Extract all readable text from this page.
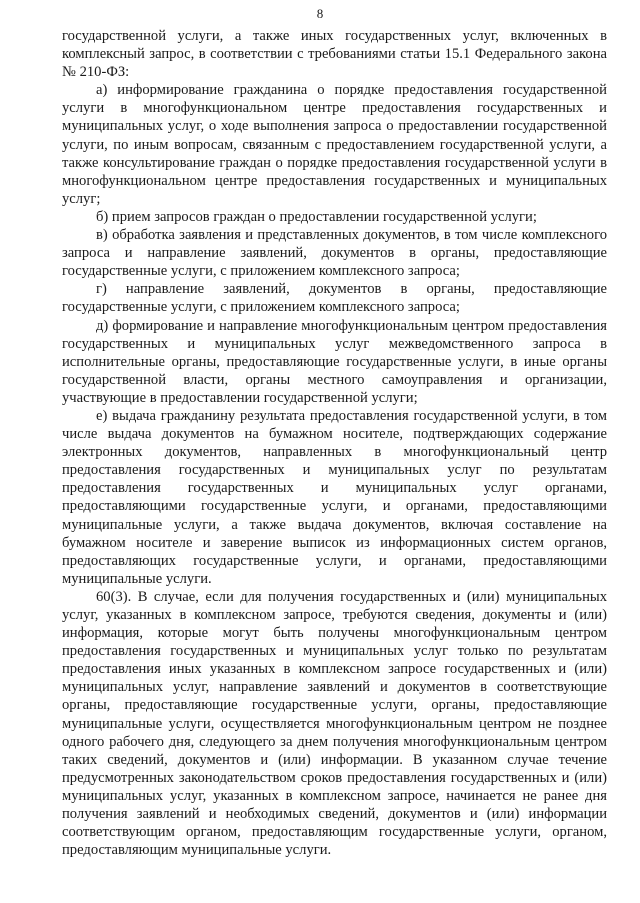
8

государственной услуги, а также иных государственных услуг, включенных в комплексный запрос, в соответствии с требованиями статьи 15.1 Федерального закона № 210-ФЗ:

а) информирование гражданина о порядке предоставления государственной услуги в многофункциональном центре предоставления государственных и муниципальных услуг, о ходе выполнения запроса о предоставлении государственной услуги, по иным вопросам, связанным с предоставлением государственной услуги, а также консультирование граждан о порядке предоставления государственной услуги в многофункциональном центре предоставления государственных и муниципальных услуг;

б) прием запросов граждан о предоставлении государственной услуги;

в) обработка заявления и представленных документов, в том числе комплексного запроса и направление заявлений, документов в органы, предоставляющие государственные услуги, с приложением комплексного запроса;

г) направление заявлений, документов в органы, предоставляющие государственные услуги, с приложением комплексного запроса;

д) формирование и направление многофункциональным центром предоставления государственных и муниципальных услуг межведомственного запроса в исполнительные органы, предоставляющие государственные услуги, в иные органы государственной власти, органы местного самоуправления и организации, участвующие в предоставлении государственной услуги;

е) выдача гражданину результата предоставления государственной услуги, в том числе выдача документов на бумажном носителе, подтверждающих содержание электронных документов, направленных в многофункциональный центр предоставления государственных и муниципальных услуг по результатам предоставления государственных и муниципальных услуг органами, предоставляющими государственные услуги, и органами, предоставляющими муниципальные услуги, а также выдача документов, включая составление на бумажном носителе и заверение выписок из информационных систем органов, предоставляющих государственные услуги, и органами, предоставляющими муниципальные услуги.

60(3). В случае, если для получения государственных и (или) муниципальных услуг, указанных в комплексном запросе, требуются сведения, документы и (или) информация, которые могут быть получены многофункциональным центром предоставления государственных и муниципальных услуг только по результатам предоставления иных указанных в комплексном запросе государственных и (или) муниципальных услуг, направление заявлений и документов в соответствующие органы, предоставляющие государственные услуги, органы, предоставляющие муниципальные услуги, осуществляется многофункциональным центром не позднее одного рабочего дня, следующего за днем получения многофункциональным центром таких сведений, документов и (или) информации. В указанном случае течение предусмотренных законодательством сроков предоставления государственных и (или) муниципальных услуг, указанных в комплексном запросе, начинается не ранее дня получения заявлений и необходимых сведений, документов и (или) информации соответствующим органом, предоставляющим государственные услуги, органом, предоставляющим муниципальные услуги.
